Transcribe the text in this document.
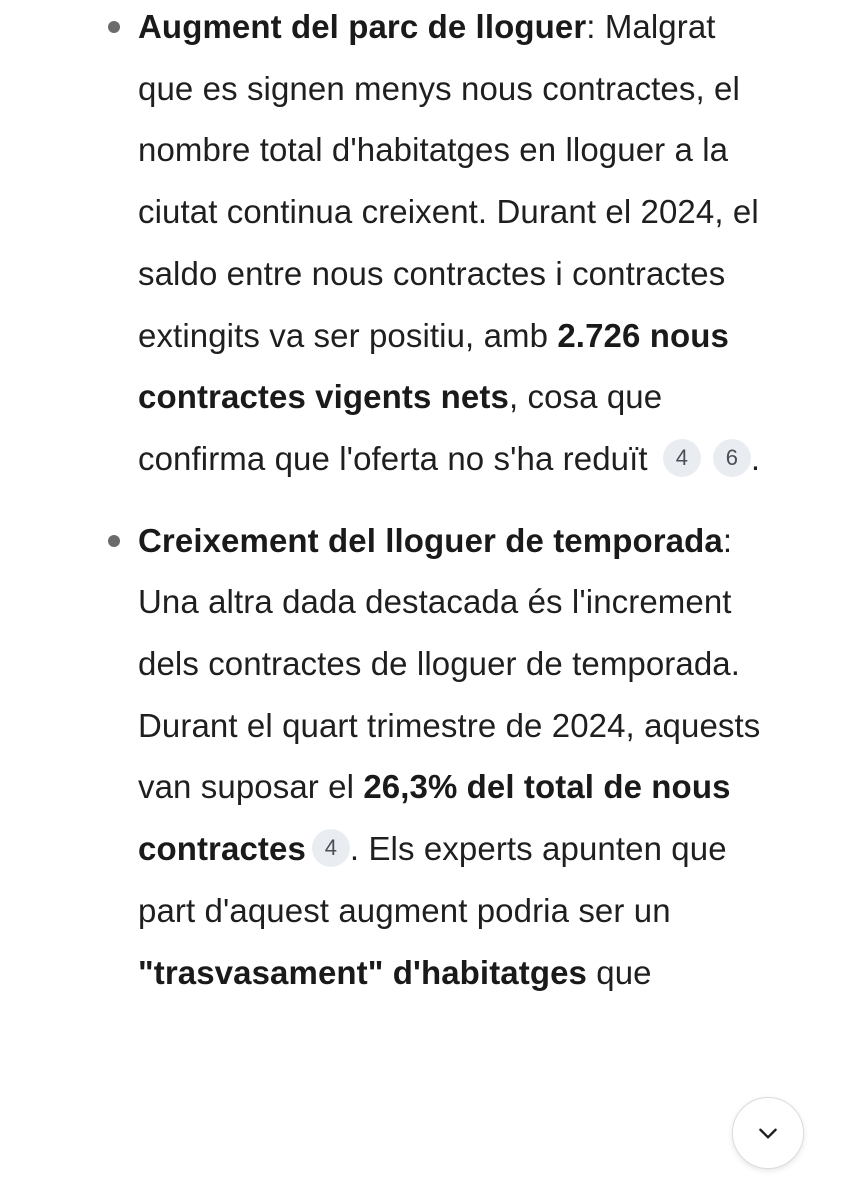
Augment del parc de lloguer: Malgrat que es signen menys nous contractes, el nombre total d'habitatges en lloguer a la ciutat continua creixent. Durant el 2024, el saldo entre nous contractes i contractes extingits va ser positiu, amb 2.726 nous contractes vigents nets, cosa que confirma que l'oferta no s'ha reduït 4 6 .
Creixement del lloguer de temporada: Una altra dada destacada és l'increment dels contractes de lloguer de temporada. Durant el quart trimestre de 2024, aquests van suposar el 26,3% del total de nous contractes 4 . Els experts apunten que part d'aquest augment podria ser un "trasvasament" d'habitatges que
